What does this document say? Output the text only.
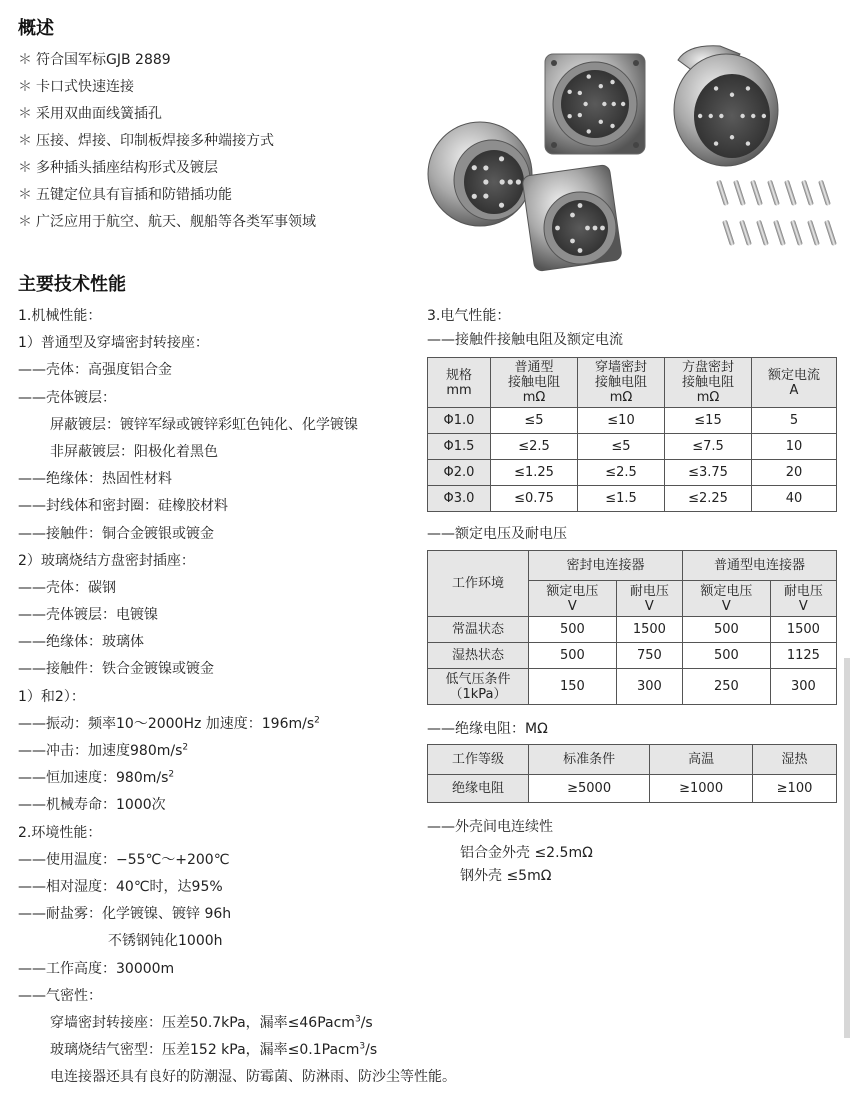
概述
＊ 符合国军标GJB 2889
＊ 卡口式快速连接
＊ 采用双曲面线簧插孔
＊ 压接、焊接、印制板焊接多种端接方式
＊ 多种插头插座结构形式及镀层
＊ 五键定位具有盲插和防错插功能
＊ 广泛应用于航空、航天、舰船等各类军事领域
主要技术性能
1.机械性能：
1）普通型及穿墙密封转接座：
——壳体：高强度铝合金
——壳体镀层：
屏蔽镀层：镀锌军绿或镀锌彩虹色钝化、化学镀镍
非屏蔽镀层：阳极化着黑色
——绝缘体：热固性材料
——封线体和密封圈：硅橡胶材料
——接触件：铜合金镀银或镀金
2）玻璃烧结方盘密封插座：
——壳体：碳钢
——壳体镀层：电镀镍
——绝缘体：玻璃体
——接触件：铁合金镀镍或镀金
1）和2）：
——振动：频率10～2000Hz 加速度：$196m/s^2$
——冲击：加速度$980m/s^2$
——恒加速度：$980m/s^2$
——机械寿命：1000次
2.环境性能：
——使用温度：−55℃～+200℃
——相对湿度：40℃时，达95%
——耐盐雾：化学镀镍、镀锌 96h
不锈钢钝化1000h
——工作高度：30000m
——气密性：
穿墙密封转接座：压差50.7kPa，漏率≤46Pacm$^3$/s
玻璃烧结气密型：压差152 kPa，漏率≤0.1Pacm$^3$/s
电连接器还具有良好的防潮湿、防霉菌、防淋雨、防沙尘等性能。
3.电气性能：
——接触件接触电阻及额定电流
规格
mm	普通型
接触电阻
mΩ	穿墙密封
接触电阻
mΩ	方盘密封
接触电阻
mΩ	额定电流
A
Φ1.0	≤5	≤10	≤15	5
Φ1.5	≤2.5	≤5	≤7.5	10
Φ2.0	≤1.25	≤2.5	≤3.75	20
Φ3.0	≤0.75	≤1.5	≤2.25	40
——额定电压及耐电压
工作环境	密封电连接器		普通型电连接器	
	额定电压
V	耐电压
V	额定电压
V	耐电压
V
常温状态	500	1500	500	1500
湿热状态	500	750	500	1125
低气压条件
（1kPa）	150	300	250	300
——绝缘电阻：MΩ
工作等级	标准条件	高温	湿热
绝缘电阻	≥5000	≥1000	≥100
——外壳间电连续性
铝合金外壳 ≤2.5mΩ
钢外壳 ≤5mΩ
